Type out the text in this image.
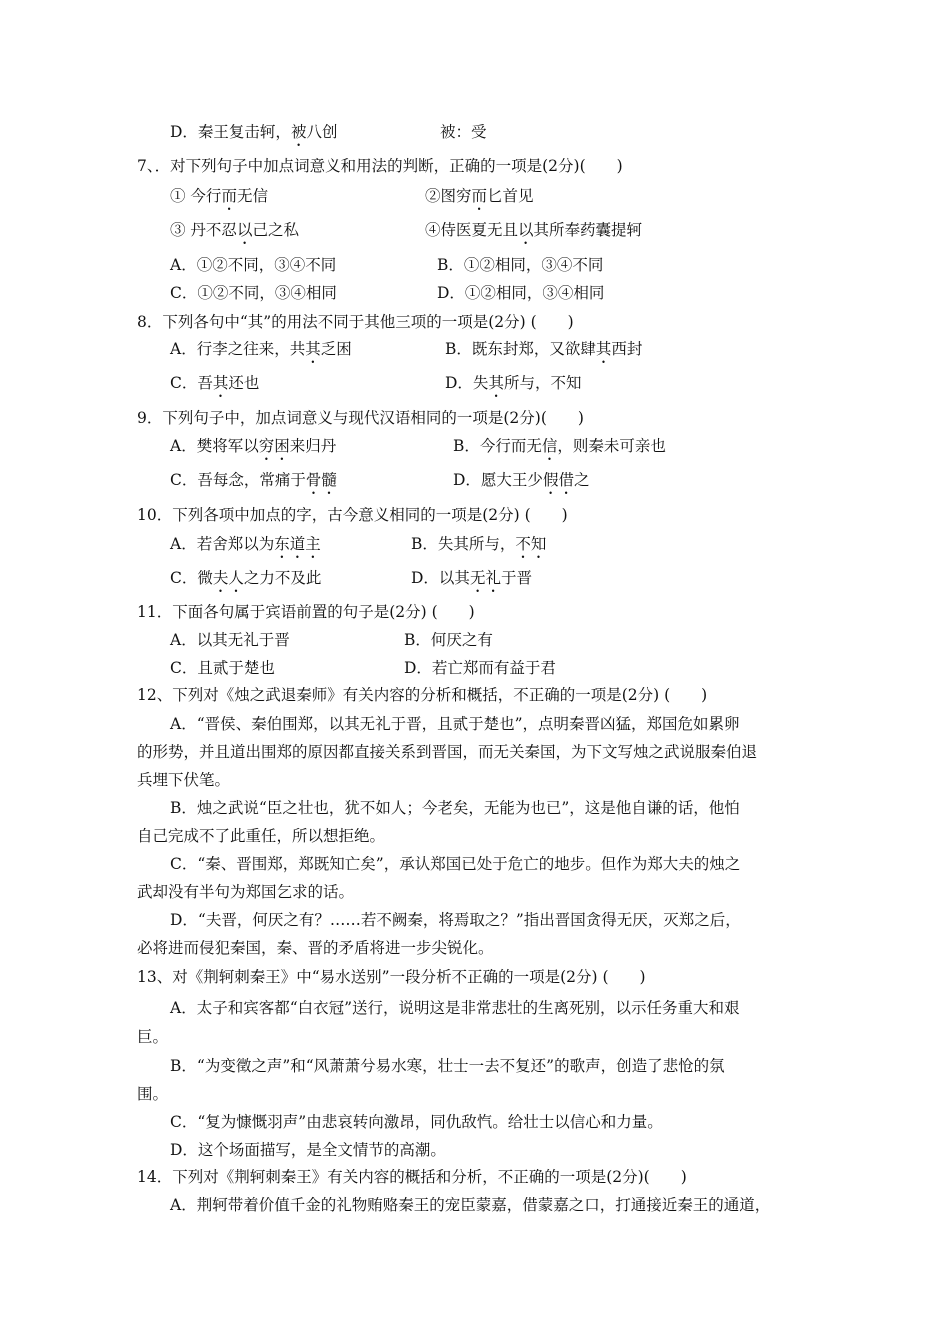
D．秦王复击轲，被八创	被：受
7、．对下列句子中加点词意义和用法的判断，正确的一项是(2分)(　　)
① 今行而无信	②图穷而匕首见
③ 丹不忍以己之私	④侍医夏无且以其所奉药囊提轲
A．①②不同，③④不同	B．①②相同，③④不同
C．①②不同，③④相同	D．①②相同，③④相同
8．下列各句中“其”的用法不同于其他三项的一项是(2分) (　　)
A．行李之往来，共其乏困	B．既东封郑，又欲肆其西封
C．吾其还也	D．失其所与，不知
9．下列句子中，加点词意义与现代汉语相同的一项是(2分)(　　)
A．樊将军以穷困来归丹	B．今行而无信，则秦未可亲也
C．吾每念，常痛于骨髓	D．愿大王少假借之
10．下列各项中加点的字，古今意义相同的一项是(2分) (　　)
A．若舍郑以为东道主	B．失其所与，不知
C．微夫人之力不及此	D．以其无礼于晋
11．下面各句属于宾语前置的句子是(2分) (　　)
A．以其无礼于晋	B．何厌之有
C．且贰于楚也	D．若亡郑而有益于君
12、下列对《烛之武退秦师》有关内容的分析和概括，不正确的一项是(2分) (　　)
A．“晋侯、秦伯围郑，以其无礼于晋，且贰于楚也”，点明秦晋凶猛，郑国危如累卵
的形势，并且道出围郑的原因都直接关系到晋国，而无关秦国，为下文写烛之武说服秦伯退
兵埋下伏笔。
B．烛之武说“臣之壮也，犹不如人；今老矣，无能为也已”，这是他自谦的话，他怕
自己完成不了此重任，所以想拒绝。
C．“秦、晋围郑，郑既知亡矣”，承认郑国已处于危亡的地步。但作为郑大夫的烛之
武却没有半句为郑国乞求的话。
D．“夫晋，何厌之有？……若不阙秦，将焉取之？”指出晋国贪得无厌，灭郑之后，
必将进而侵犯秦国，秦、晋的矛盾将进一步尖锐化。
13、对《荆轲刺秦王》中“易水送别”一段分析不正确的一项是(2分) (　　)
A．太子和宾客都“白衣冠”送行，说明这是非常悲壮的生离死别，以示任务重大和艰
巨。
B．“为变徵之声”和“风萧萧兮易水寒，壮士一去不复还”的歌声，创造了悲怆的氛
围。
C．“复为慷慨羽声”由悲哀转向激昂，同仇敌忾。给壮士以信心和力量。
D．这个场面描写，是全文情节的高潮。
14．下列对《荆轲刺秦王》有关内容的概括和分析，不正确的一项是(2分)(　　)
A．荆轲带着价值千金的礼物贿赂秦王的宠臣蒙嘉，借蒙嘉之口，打通接近秦王的通道，
